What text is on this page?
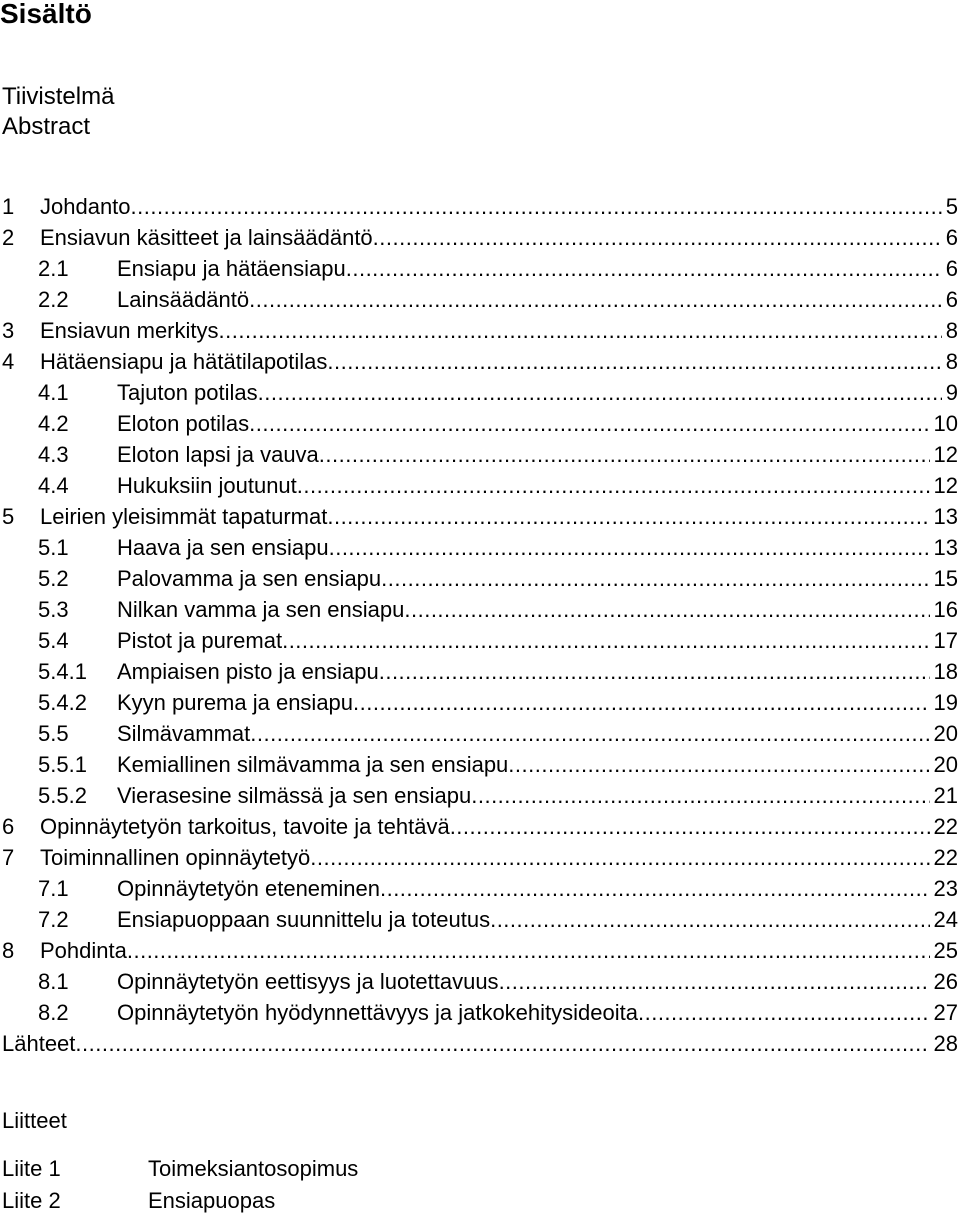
Sisältö
Tiivistelmä
Abstract
1	Johdanto .....	5
2	Ensiavun käsitteet ja lainsäädäntö .....	6
2.1	Ensiapu ja hätäensiapu .....	6
2.2	Lainsäädäntö .....	6
3	Ensiavun merkitys .....	8
4	Hätäensiapu ja hätätilapotilas .....	8
4.1	Tajuton potilas .....	9
4.2	Eloton potilas .....	10
4.3	Eloton lapsi ja vauva .....	12
4.4	Hukuksiin joutunut .....	12
5	Leirien yleisimmät tapaturmat .....	13
5.1	Haava ja sen ensiapu .....	13
5.2	Palovamma ja sen ensiapu .....	15
5.3	Nilkan vamma ja sen ensiapu .....	16
5.4	Pistot ja puremat .....	17
5.4.1	Ampiaisen pisto ja ensiapu .....	18
5.4.2	Kyyn purema ja ensiapu .....	19
5.5	Silmävammat .....	20
5.5.1	Kemiallinen silmävamma ja sen ensiapu .....	20
5.5.2	Vierasesine silmässä ja sen ensiapu .....	21
6	Opinnäytetyön tarkoitus, tavoite ja tehtävä .....	22
7	Toiminnallinen opinnäytetyö .....	22
7.1	Opinnäytetyön eteneminen .....	23
7.2	Ensiapuoppaan suunnittelu ja toteutus .....	24
8	Pohdinta .....	25
8.1	Opinnäytetyön eettisyys ja luotettavuus .....	26
8.2	Opinnäytetyön hyödynnettävyys ja jatkokehitysideoita .....	27
Lähteet .....	28
Liitteet
Liite 1	Toimeksiantosopimus
Liite 2	Ensiapuopas
